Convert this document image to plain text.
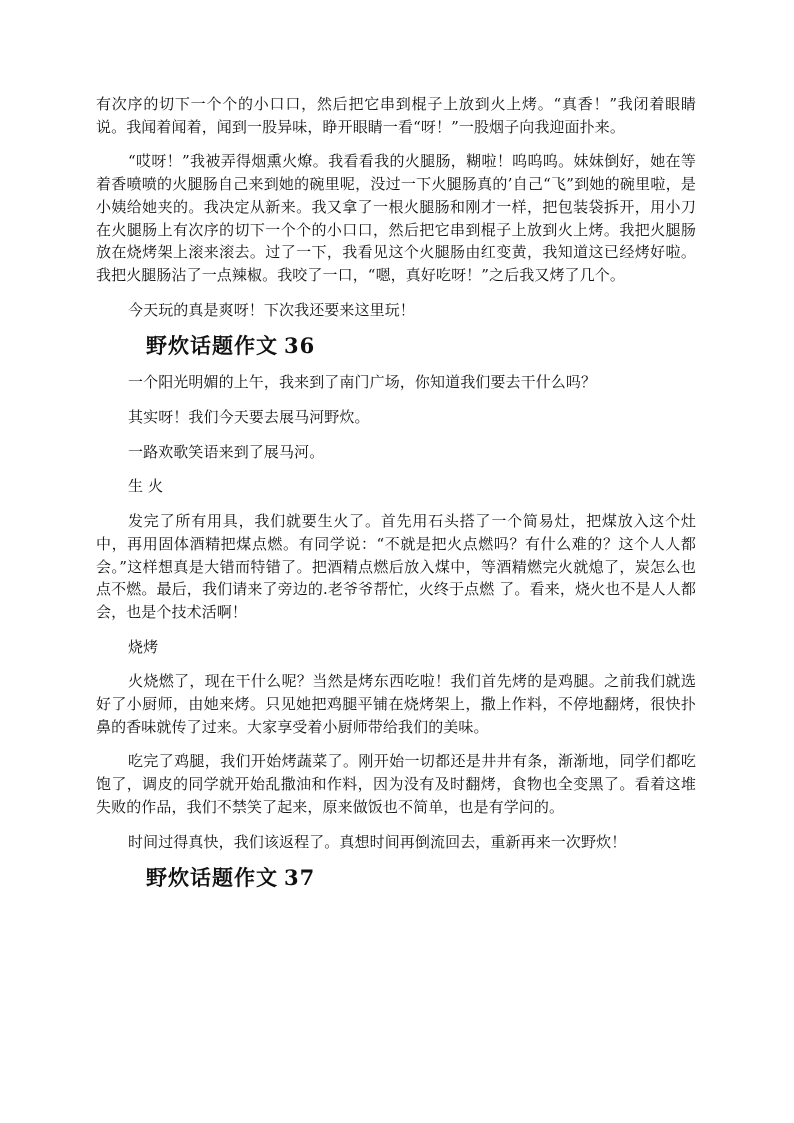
有次序的切下一个个的小口口，然后把它串到棍子上放到火上烤。“真香！”我闭着眼睛说。我闻着闻着，闻到一股异味，睁开眼睛一看“呀！”一股烟子向我迎面扑来。

“哎呀！”我被弄得烟熏火燎。我看看我的火腿肠，糊啦！呜呜呜。妹妹倒好，她在等着香喷喷的火腿肠自己来到她的碗里呢，没过一下火腿肠真的’自己“飞”到她的碗里啦，是小姨给她夹的。我决定从新来。我又拿了一根火腿肠和刚才一样，把包装袋拆开，用小刀在火腿肠上有次序的切下一个个的小口口，然后把它串到棍子上放到火上烤。我把火腿肠放在烧烤架上滚来滚去。过了一下，我看见这个火腿肠由红变黄，我知道这已经烤好啦。我把火腿肠沾了一点辣椒。我咬了一口，“嗯，真好吃呀！”之后我又烤了几个。

今天玩的真是爽呀！下次我还要来这里玩！

野炊话题作文 36

一个阳光明媚的上午，我来到了南门广场，你知道我们要去干什么吗？

其实呀！我们今天要去展马河野炊。

一路欢歌笑语来到了展马河。

生 火

发完了所有用具，我们就要生火了。首先用石头搭了一个简易灶，把煤放入这个灶中，再用固体酒精把煤点燃。有同学说：“不就是把火点燃吗？有什么难的？这个人人都会。”这样想真是大错而特错了。把酒精点燃后放入煤中，等酒精燃完火就熄了，炭怎么也点不燃。最后，我们请来了旁边的.老爷爷帮忙，火终于点燃 了。看来，烧火也不是人人都会，也是个技术活啊！

烧烤

火烧燃了，现在干什么呢？当然是烤东西吃啦！我们首先烤的是鸡腿。之前我们就选好了小厨师，由她来烤。只见她把鸡腿平铺在烧烤架上，撒上作料，不停地翻烤，很快扑鼻的香味就传了过来。大家享受着小厨师带给我们的美味。

吃完了鸡腿，我们开始烤蔬菜了。刚开始一切都还是井井有条，渐渐地，同学们都吃饱了，调皮的同学就开始乱撒油和作料，因为没有及时翻烤，食物也全变黑了。看着这堆失败的作品，我们不禁笑了起来，原来做饭也不简单，也是有学问的。

时间过得真快，我们该返程了。真想时间再倒流回去，重新再来一次野炊！

野炊话题作文 37
